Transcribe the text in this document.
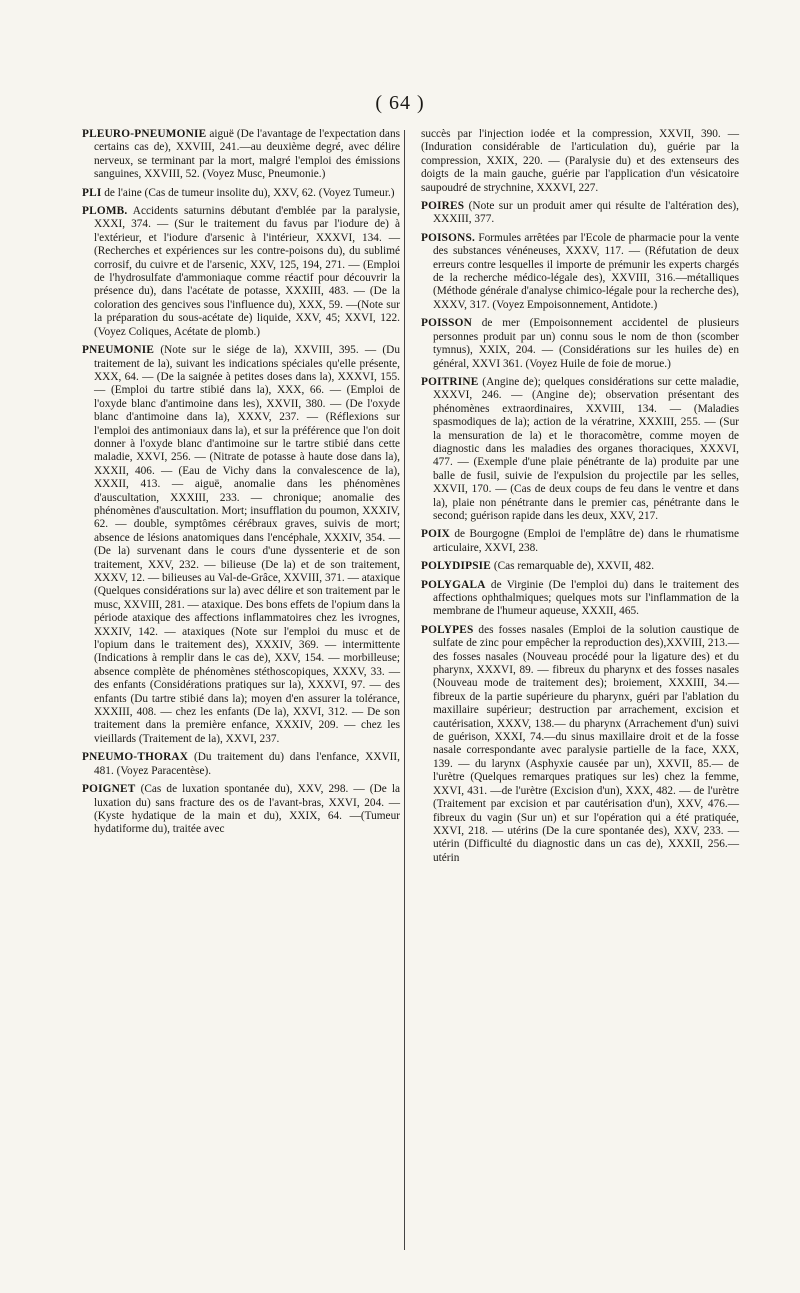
( 64 )

PLEURO-PNEUMONIE aiguë (De l'avantage de l'expectation dans certains cas de), XXVIII, 241.—au deuxième degré, avec délire nerveux, se terminant par la mort, malgré l'emploi des émissions sanguines, XXVIII, 52. (Voyez Musc, Pneumonie.)

PLI de l'aine (Cas de tumeur insolite du), XXV, 62. (Voyez Tumeur.)

PLOMB. Accidents saturnins débutant d'emblée par la paralysie, XXXI, 374. — (Sur le traitement du favus par l'iodure de) à l'extérieur, et l'iodure d'arsenic à l'intérieur, XXXVI, 134. — (Recherches et expériences sur les contre-poisons du), du sublimé corrosif, du cuivre et de l'arsenic, XXV, 125, 194, 271. — (Emploi de l'hydrosulfate d'ammoniaque comme réactif pour découvrir la présence du), dans l'acétate de potasse, XXXIII, 483. — (De la coloration des gencives sous l'influence du), XXX, 59. —(Note sur la préparation du sous-acétate de) liquide, XXV, 45; XXVI, 122. (Voyez Coliques, Acétate de plomb.)

PNEUMONIE (Note sur le siége de la), XXVIII, 395. — (Du traitement de la), suivant les indications spéciales qu'elle présente, XXX, 64. — (De la saignée à petites doses dans la), XXXVI, 155. — (Emploi du tartre stibié dans la), XXX, 66. — (Emploi de l'oxyde blanc d'antimoine dans les), XXVII, 380. — (De l'oxyde blanc d'antimoine dans la), XXXV, 237. — (Réflexions sur l'emploi des antimoniaux dans la), et sur la préférence que l'on doit donner à l'oxyde blanc d'antimoine sur le tartre stibié dans cette maladie, XXVI, 256. — (Nitrate de potasse à haute dose dans la), XXXII, 406. — (Eau de Vichy dans la convalescence de la), XXXII, 413. — aiguë, anomalie dans les phénomènes d'auscultation, XXXIII, 233. — chronique; anomalie des phénomènes d'auscultation. Mort; insufflation du poumon, XXXIV, 62. — double, symptômes cérébraux graves, suivis de mort; absence de lésions anatomiques dans l'encéphale, XXXIV, 354. — (De la) survenant dans le cours d'une dyssenterie et de son traitement, XXV, 232. — bilieuse (De la) et de son traitement, XXXV, 12. — bilieuses au Val-de-Grâce, XXVIII, 371. — ataxique (Quelques considérations sur la) avec délire et son traitement par le musc, XXVIII, 281. — ataxique. Des bons effets de l'opium dans la période ataxique des affections inflammatoires chez les ivrognes, XXXIV, 142. — ataxiques (Note sur l'emploi du musc et de l'opium dans le traitement des), XXXIV, 369. — intermittente (Indications à remplir dans le cas de), XXV, 154. — morbilleuse; absence complète de phénomènes stéthoscopiques, XXXV, 33. — des enfants (Considérations pratiques sur la), XXXVI, 97. — des enfants (Du tartre stibié dans la); moyen d'en assurer la tolérance, XXXIII, 408. — chez les enfants (De la), XXVI, 312. — De son traitement dans la première enfance, XXXIV, 209. — chez les vieillards (Traitement de la), XXVI, 237.

PNEUMO-THORAX (Du traitement du) dans l'enfance, XXVII, 481. (Voyez Paracentèse).

POIGNET (Cas de luxation spontanée du), XXV, 298. — (De la luxation du) sans fracture des os de l'avant-bras, XXVI, 204. — (Kyste hydatique de la main et du), XXIX, 64. —(Tumeur hydatiforme du), traitée avec

succès par l'injection iodée et la compression, XXVII, 390. — (Induration considérable de l'articulation du), guérie par la compression, XXIX, 220. — (Paralysie du) et des extenseurs des doigts de la main gauche, guérie par l'application d'un vésicatoire saupoudré de strychnine, XXXVI, 227.

POIRES (Note sur un produit amer qui résulte de l'altération des), XXXIII, 377.

POISONS. Formules arrêtées par l'Ecole de pharmacie pour la vente des substances vénéneuses, XXXV, 117. — (Réfutation de deux erreurs contre lesquelles il importe de prémunir les experts chargés de la recherche médico-légale des), XXVIII, 316.—métalliques (Méthode générale d'analyse chimico-légale pour la recherche des), XXXV, 317. (Voyez Empoisonnement, Antidote.)

POISSON de mer (Empoisonnement accidentel de plusieurs personnes produit par un) connu sous le nom de thon (scomber tymnus), XXIX, 204. — (Considérations sur les huiles de) en général, XXVI 361. (Voyez Huile de foie de morue.)

POITRINE (Angine de); quelques considérations sur cette maladie, XXXVI, 246. — (Angine de); observation présentant des phénomènes extraordinaires, XXVIII, 134. — (Maladies spasmodiques de la); action de la vératrine, XXXIII, 255. — (Sur la mensuration de la) et le thoracomètre, comme moyen de diagnostic dans les maladies des organes thoraciques, XXXVI, 477. — (Exemple d'une plaie pénétrante de la) produite par une balle de fusil, suivie de l'expulsion du projectile par les selles, XXVII, 170. — (Cas de deux coups de feu dans le ventre et dans la), plaie non pénétrante dans le premier cas, pénétrante dans le second; guérison rapide dans les deux, XXV, 217.

POIX de Bourgogne (Emploi de l'emplâtre de) dans le rhumatisme articulaire, XXVI, 238.

POLYDIPSIE (Cas remarquable de), XXVII, 482.

POLYGALA de Virginie (De l'emploi du) dans le traitement des affections ophthalmiques; quelques mots sur l'inflammation de la membrane de l'humeur aqueuse, XXXII, 465.

POLYPES des fosses nasales (Emploi de la solution caustique de sulfate de zinc pour empêcher la reproduction des),XXVIII, 213.— des fosses nasales (Nouveau procédé pour la ligature des) et du pharynx, XXXVI, 89. — fibreux du pharynx et des fosses nasales (Nouveau mode de traitement des); broiement, XXXIII, 34.— fibreux de la partie supérieure du pharynx, guéri par l'ablation du maxillaire supérieur; destruction par arrachement, excision et cautérisation, XXXV, 138.— du pharynx (Arrachement d'un) suivi de guérison, XXXI, 74.—du sinus maxillaire droit et de la fosse nasale correspondante avec paralysie partielle de la face, XXX, 139. — du larynx (Asphyxie causée par un), XXVII, 85.— de l'urètre (Quelques remarques pratiques sur les) chez la femme, XXVI, 431. —de l'urètre (Excision d'un), XXX, 482. — de l'urètre (Traitement par excision et par cautérisation d'un), XXV, 476.— fibreux du vagin (Sur un) et sur l'opération qui a été pratiquée, XXVI, 218. — utérins (De la cure spontanée des), XXV, 233. — utérin (Difficulté du diagnostic dans un cas de), XXXII, 256.— utérin
